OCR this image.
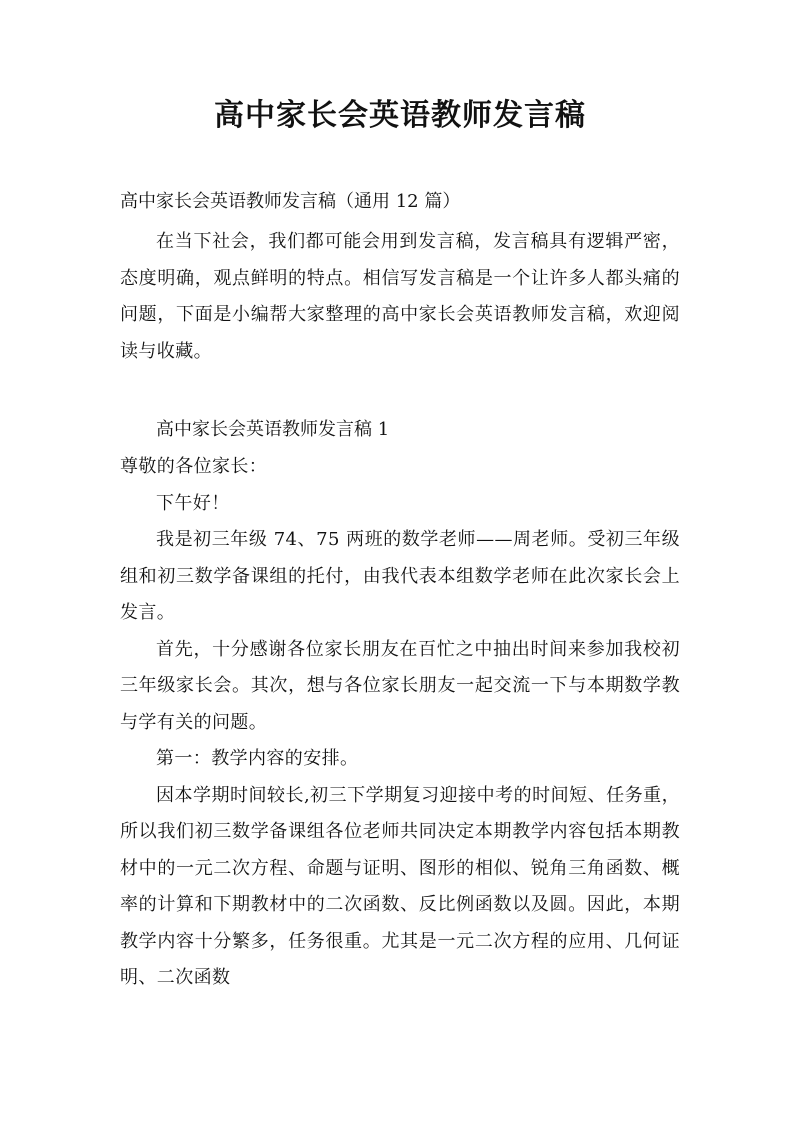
高中家长会英语教师发言稿
高中家长会英语教师发言稿（通用 12 篇）

在当下社会，我们都可能会用到发言稿，发言稿具有逻辑严密，态度明确，观点鲜明的特点。相信写发言稿是一个让许多人都头痛的问题，下面是小编帮大家整理的高中家长会英语教师发言稿，欢迎阅读与收藏。

高中家长会英语教师发言稿 1

尊敬的各位家长：

下午好！

我是初三年级 74、75 两班的数学老师——周老师。受初三年级组和初三数学备课组的托付，由我代表本组数学老师在此次家长会上发言。

首先，十分感谢各位家长朋友在百忙之中抽出时间来参加我校初三年级家长会。其次，想与各位家长朋友一起交流一下与本期数学教与学有关的问题。

第一：教学内容的安排。

因本学期时间较长,初三下学期复习迎接中考的时间短、任务重，所以我们初三数学备课组各位老师共同决定本期教学内容包括本期教材中的一元二次方程、命题与证明、图形的相似、锐角三角函数、概率的计算和下期教材中的二次函数、反比例函数以及圆。因此，本期教学内容十分繁多，任务很重。尤其是一元二次方程的应用、几何证明、二次函数
